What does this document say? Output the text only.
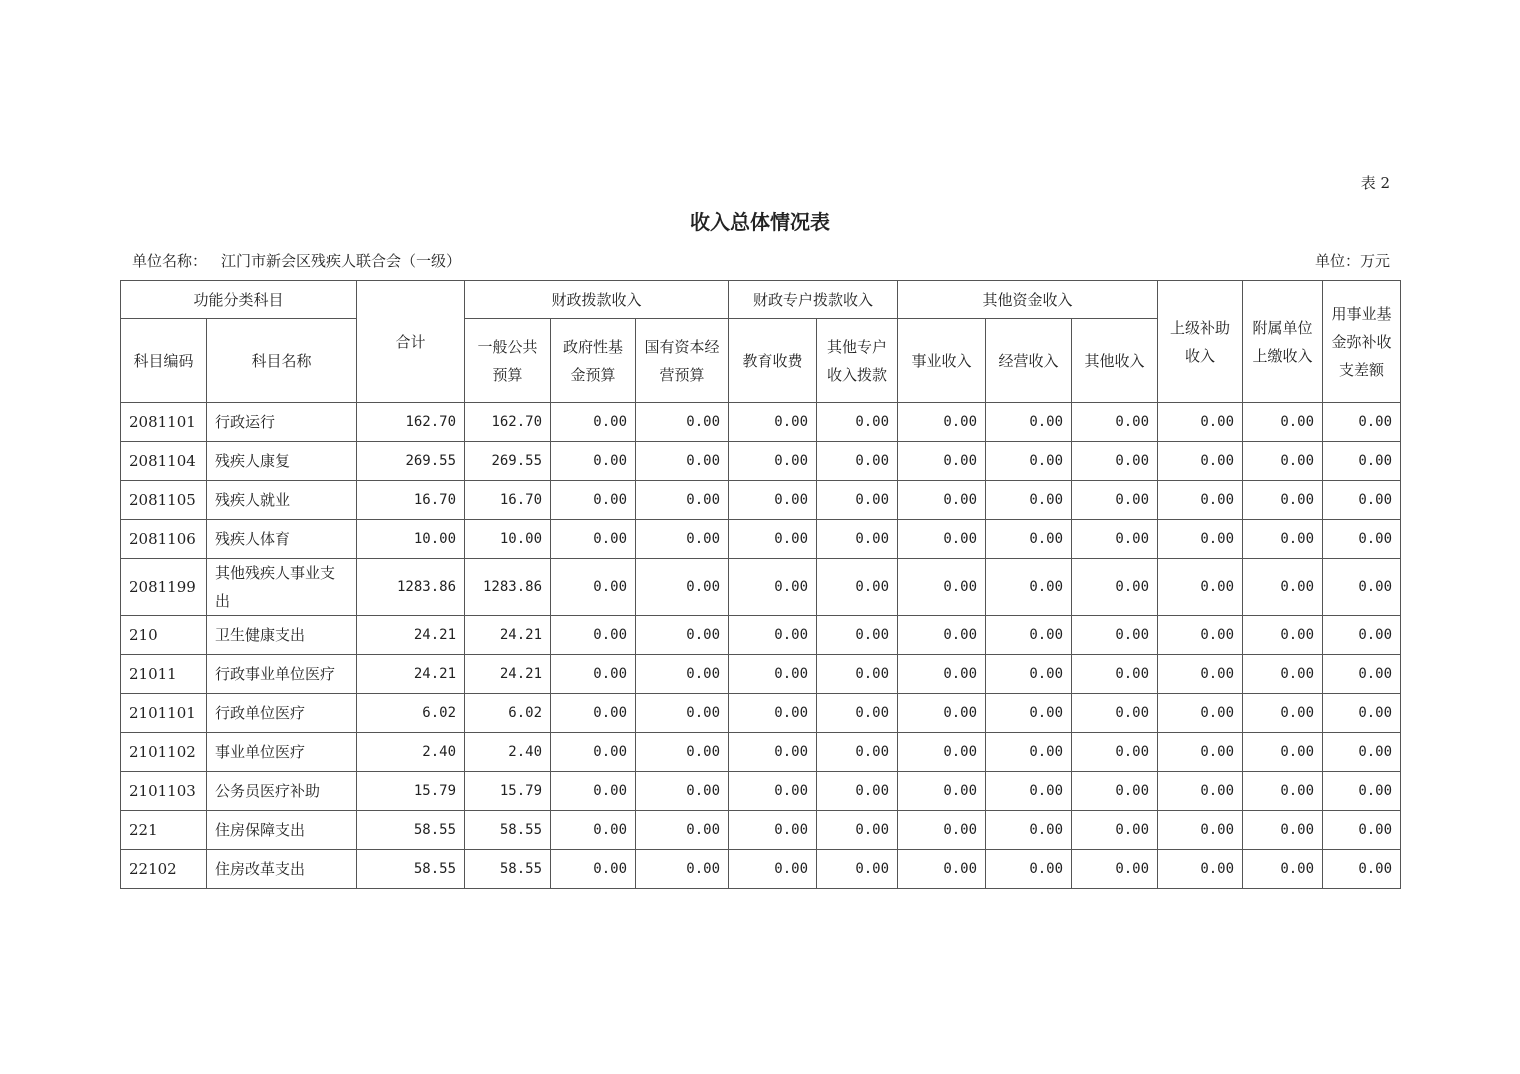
表 2
收入总体情况表
单位名称： 江门市新会区残疾人联合会（一级）	单位：万元
功能分类科目		合计	财政拨款收入			财政专户拨款收入		其他资金收入			上级补助收入	附属单位上缴收入	用事业基金弥补收支差额
科目编码	科目名称		一般公共预算	政府性基金预算	国有资本经营预算	教育收费	其他专户收入拨款	事业收入	经营收入	其他收入			
2081101	行政运行	162.70	162.70	0.00	0.00	0.00	0.00	0.00	0.00	0.00	0.00	0.00	0.00
2081104	残疾人康复	269.55	269.55	0.00	0.00	0.00	0.00	0.00	0.00	0.00	0.00	0.00	0.00
2081105	残疾人就业	16.70	16.70	0.00	0.00	0.00	0.00	0.00	0.00	0.00	0.00	0.00	0.00
2081106	残疾人体育	10.00	10.00	0.00	0.00	0.00	0.00	0.00	0.00	0.00	0.00	0.00	0.00
2081199	其他残疾人事业支出	1283.86	1283.86	0.00	0.00	0.00	0.00	0.00	0.00	0.00	0.00	0.00	0.00
210	卫生健康支出	24.21	24.21	0.00	0.00	0.00	0.00	0.00	0.00	0.00	0.00	0.00	0.00
21011	行政事业单位医疗	24.21	24.21	0.00	0.00	0.00	0.00	0.00	0.00	0.00	0.00	0.00	0.00
2101101	行政单位医疗	6.02	6.02	0.00	0.00	0.00	0.00	0.00	0.00	0.00	0.00	0.00	0.00
2101102	事业单位医疗	2.40	2.40	0.00	0.00	0.00	0.00	0.00	0.00	0.00	0.00	0.00	0.00
2101103	公务员医疗补助	15.79	15.79	0.00	0.00	0.00	0.00	0.00	0.00	0.00	0.00	0.00	0.00
221	住房保障支出	58.55	58.55	0.00	0.00	0.00	0.00	0.00	0.00	0.00	0.00	0.00	0.00
22102	住房改革支出	58.55	58.55	0.00	0.00	0.00	0.00	0.00	0.00	0.00	0.00	0.00	0.00
